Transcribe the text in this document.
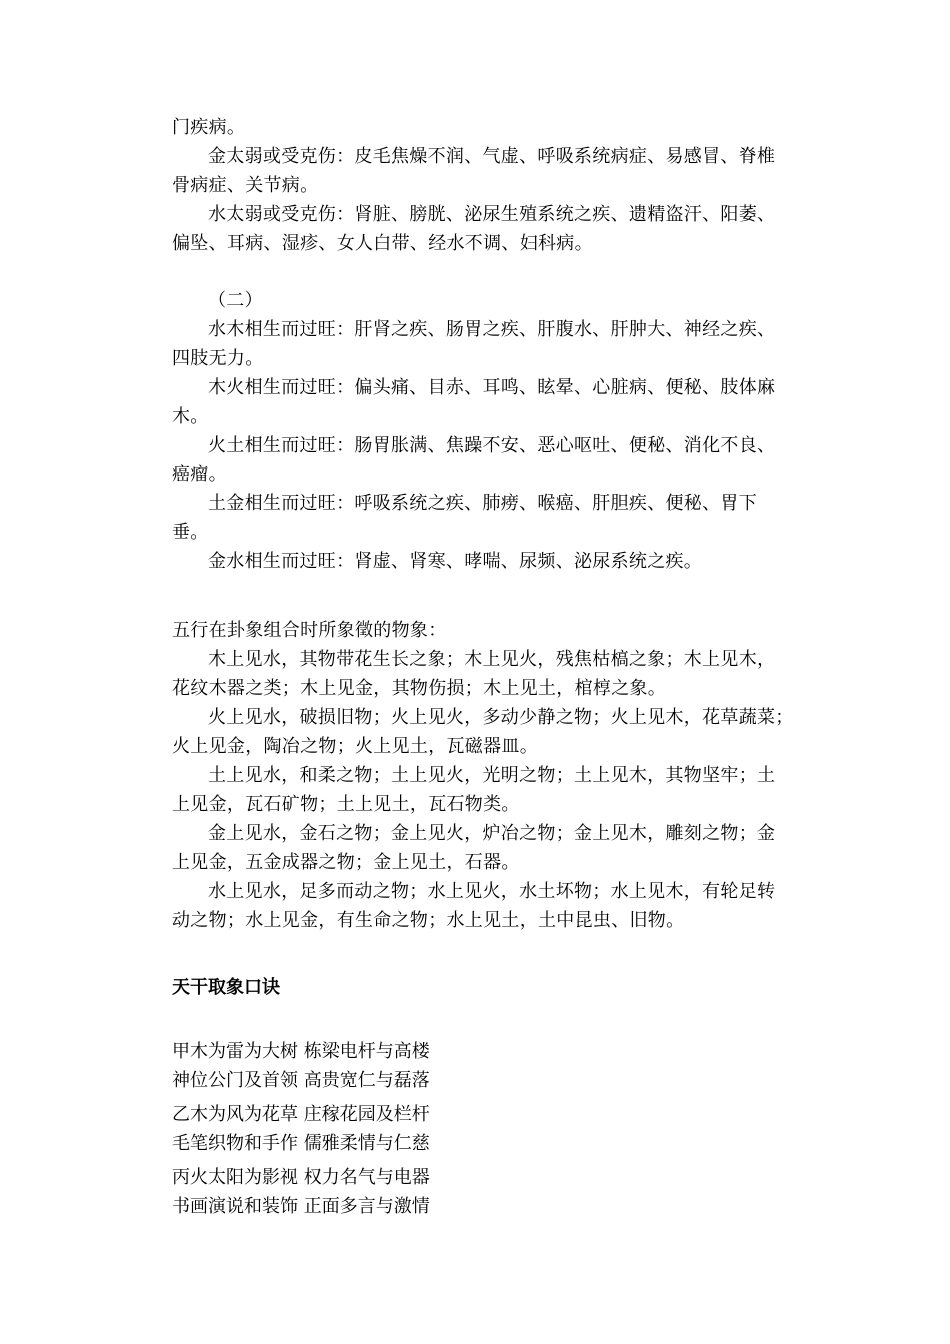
门疾病。
金太弱或受克伤：皮毛焦燥不润、气虚、呼吸系统病症、易感冒、脊椎
骨病症、关节病。
水太弱或受克伤：肾脏、膀胱、泌尿生殖系统之疾、遗精盗汗、阳萎、
偏坠、耳病、湿疹、女人白带、经水不调、妇科病。
（二）
水木相生而过旺：肝肾之疾、肠胃之疾、肝腹水、肝肿大、神经之疾、
四肢无力。
木火相生而过旺：偏头痛、目赤、耳鸣、眩晕、心脏病、便秘、肢体麻
木。
火土相生而过旺：肠胃胀满、焦躁不安、恶心呕吐、便秘、消化不良、
癌瘤。
土金相生而过旺：呼吸系统之疾、肺痨、喉癌、肝胆疾、便秘、胃下
垂。
金水相生而过旺：肾虚、肾寒、哮喘、尿频、泌尿系统之疾。
五行在卦象组合时所象徵的物象：
木上见水，其物带花生长之象；木上见火，残焦枯槁之象；木上见木，
花纹木器之类；木上见金，其物伤损；木上见土，棺椁之象。
火上见水，破损旧物；火上见火，多动少静之物；火上见木，花草蔬菜；
火上见金，陶冶之物；火上见土，瓦磁器皿。
土上见水，和柔之物；土上见火，光明之物；土上见木，其物坚牢；土
上见金，瓦石矿物；土上见土，瓦石物类。
金上见水，金石之物；金上见火，炉冶之物；金上见木，雕刻之物；金
上见金，五金成器之物；金上见土，石器。
水上见水，足多而动之物；水上见火，水土坏物；水上见木，有轮足转
动之物；水上见金，有生命之物；水上见土，土中昆虫、旧物。
天干取象口诀
甲木为雷为大树 栋梁电杆与高楼
神位公门及首领 高贵宽仁与磊落
乙木为风为花草 庄稼花园及栏杆
毛笔织物和手作 儒雅柔情与仁慈
丙火太阳为影视 权力名气与电器
书画演说和装饰 正面多言与激情
